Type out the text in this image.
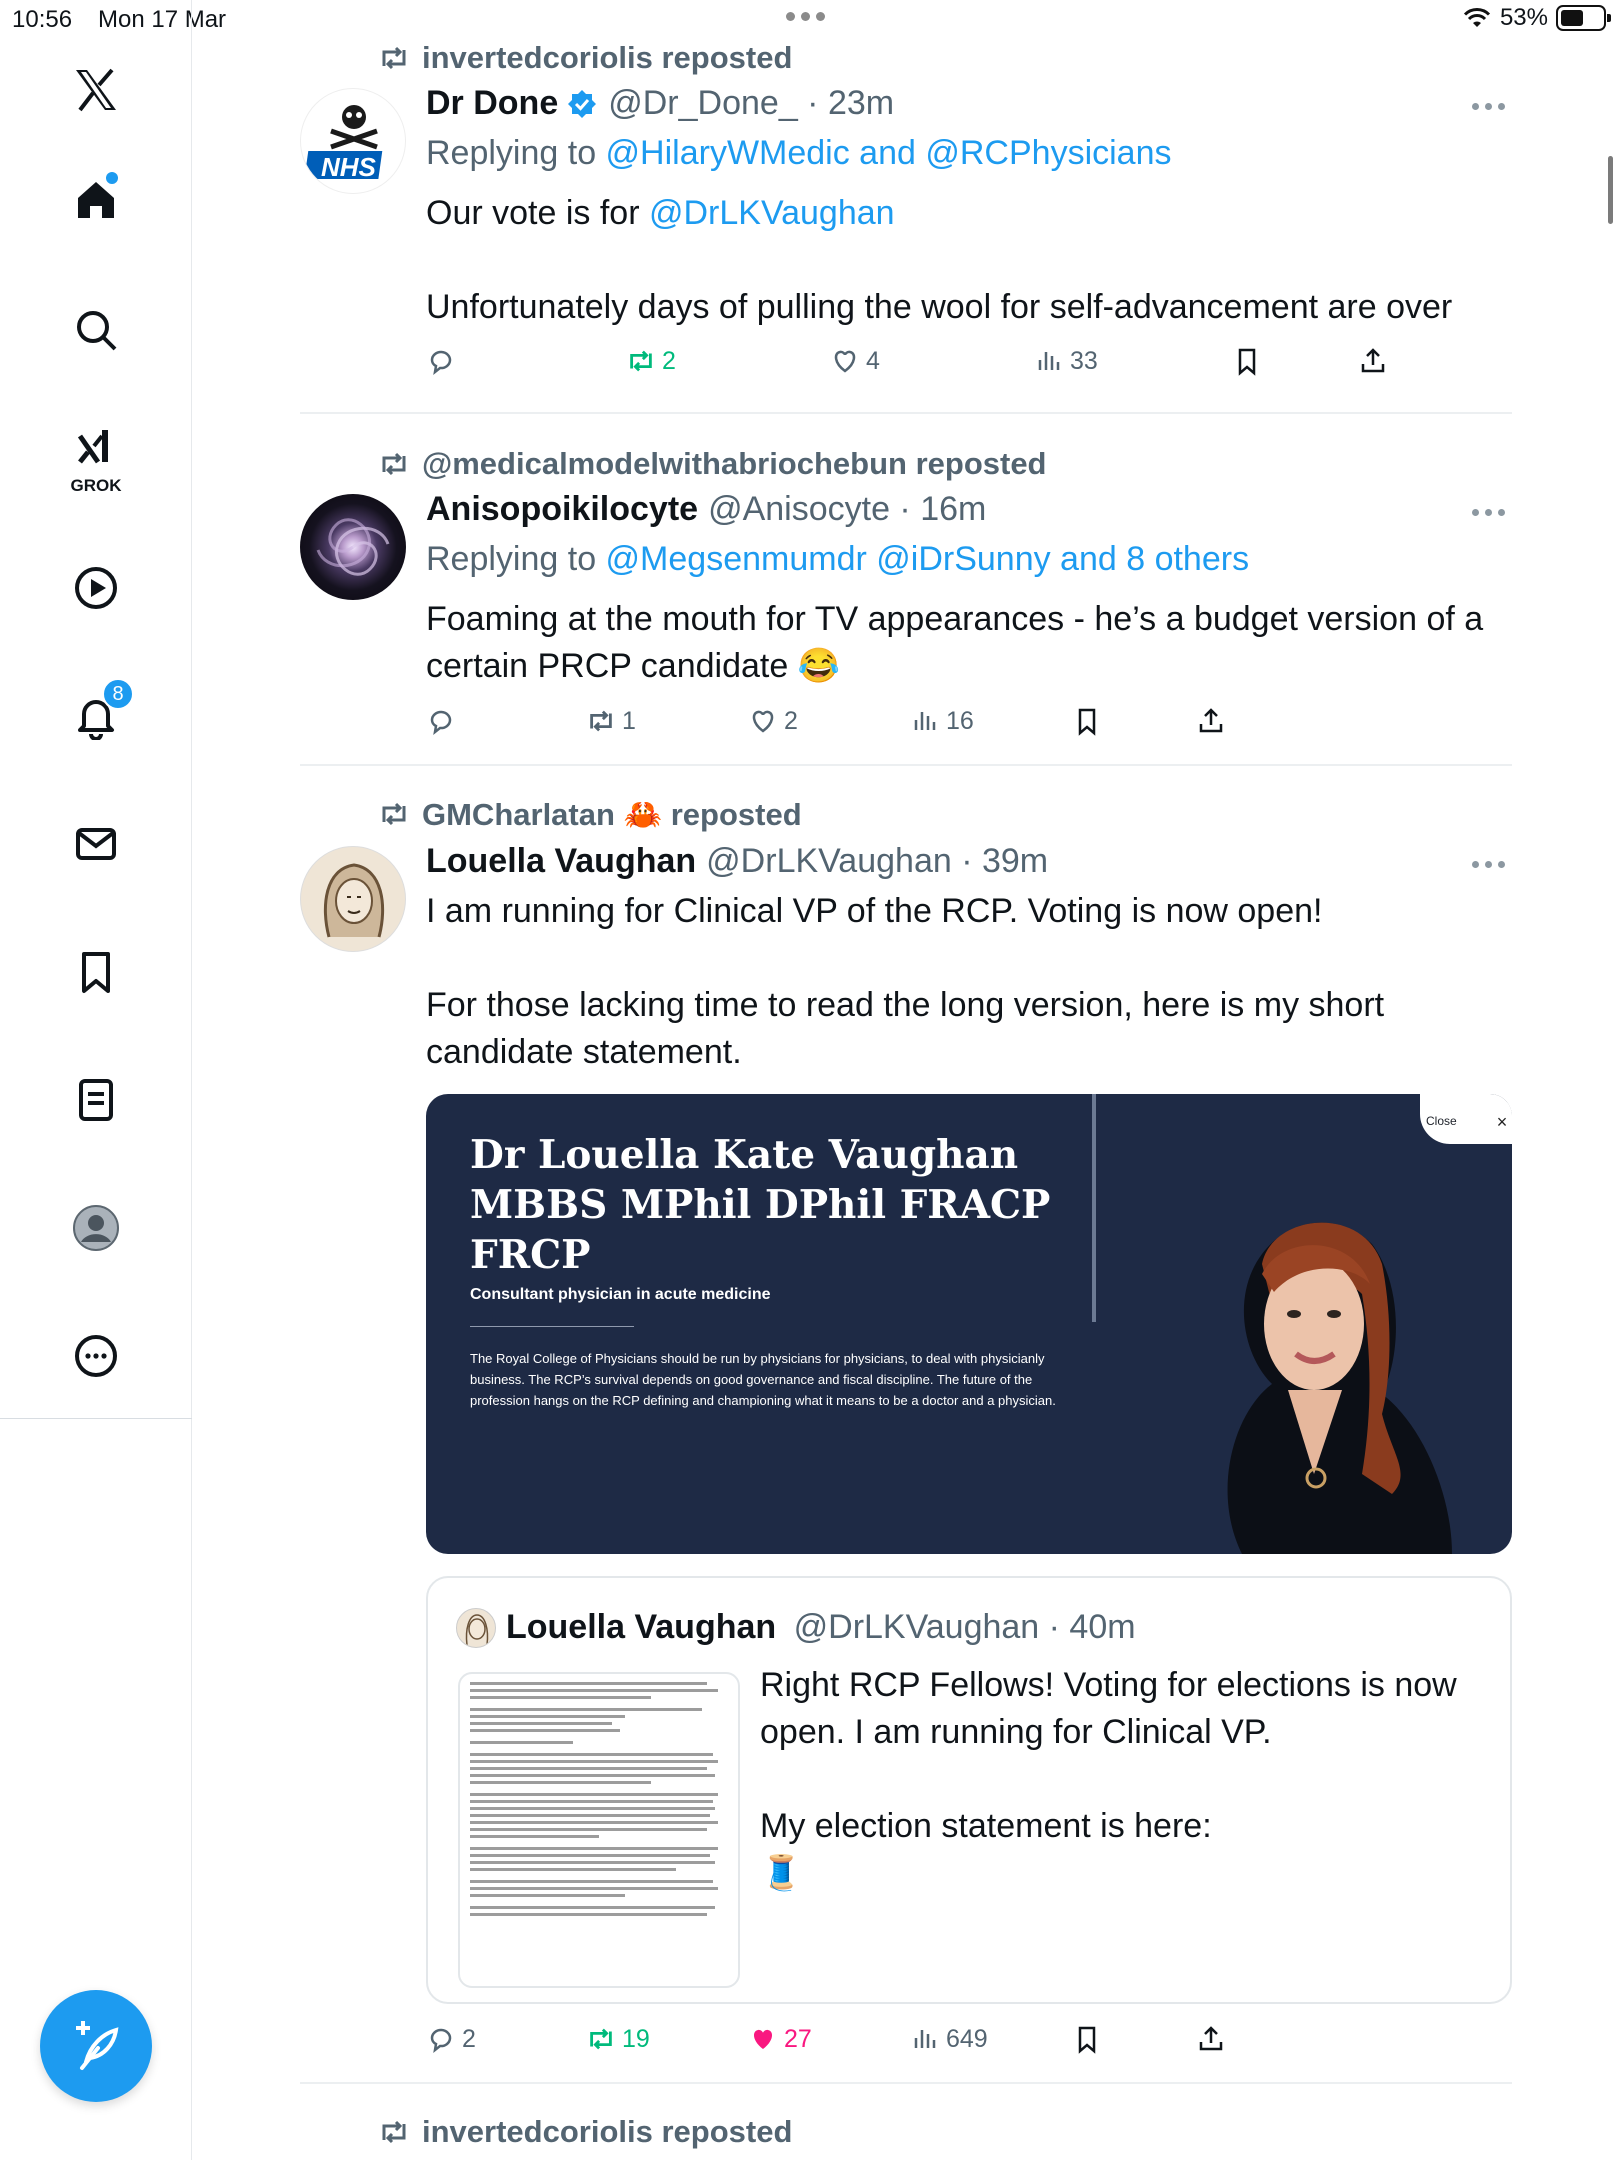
10:56 Mon 17 Mar	53%
GROK
8
invertedcoriolis reposted
NHS
Dr Done @Dr_Done_ · 23m
Replying to @HilaryWMedic and @RCPhysicians
Our vote is for @DrLKVaughan
Unfortunately days of pulling the wool for self-advancement are over
2	4	33
@medicalmodelwithabriochebun reposted
Anisopoikilocyte @Anisocyte · 16m
Replying to @Megsenmumdr @iDrSunny and 8 others
Foaming at the mouth for TV appearances - he’s a budget version of a certain PRCP candidate 😂
1	2	16
GMCharlatan 🦀 reposted
Louella Vaughan @DrLKVaughan · 39m
I am running for Clinical VP of the RCP. Voting is now open!
For those lacking time to read the long version, here is my short candidate statement.
Dr Louella Kate Vaughan MBBS MPhil DPhil FRACP FRCP
Consultant physician in acute medicine
The Royal College of Physicians should be run by physicians for physicians, to deal with physicianly business. The RCP’s survival depends on good governance and fiscal discipline. The future of the profession hangs on the RCP defining and championing what it means to be a doctor and a physician.
Close	×
Louella Vaughan @DrLKVaughan · 40m
Right RCP Fellows! Voting for elections is now open. I am running for Clinical VP.
My election statement is here:
🧵
2	19	27	649
invertedcoriolis reposted
